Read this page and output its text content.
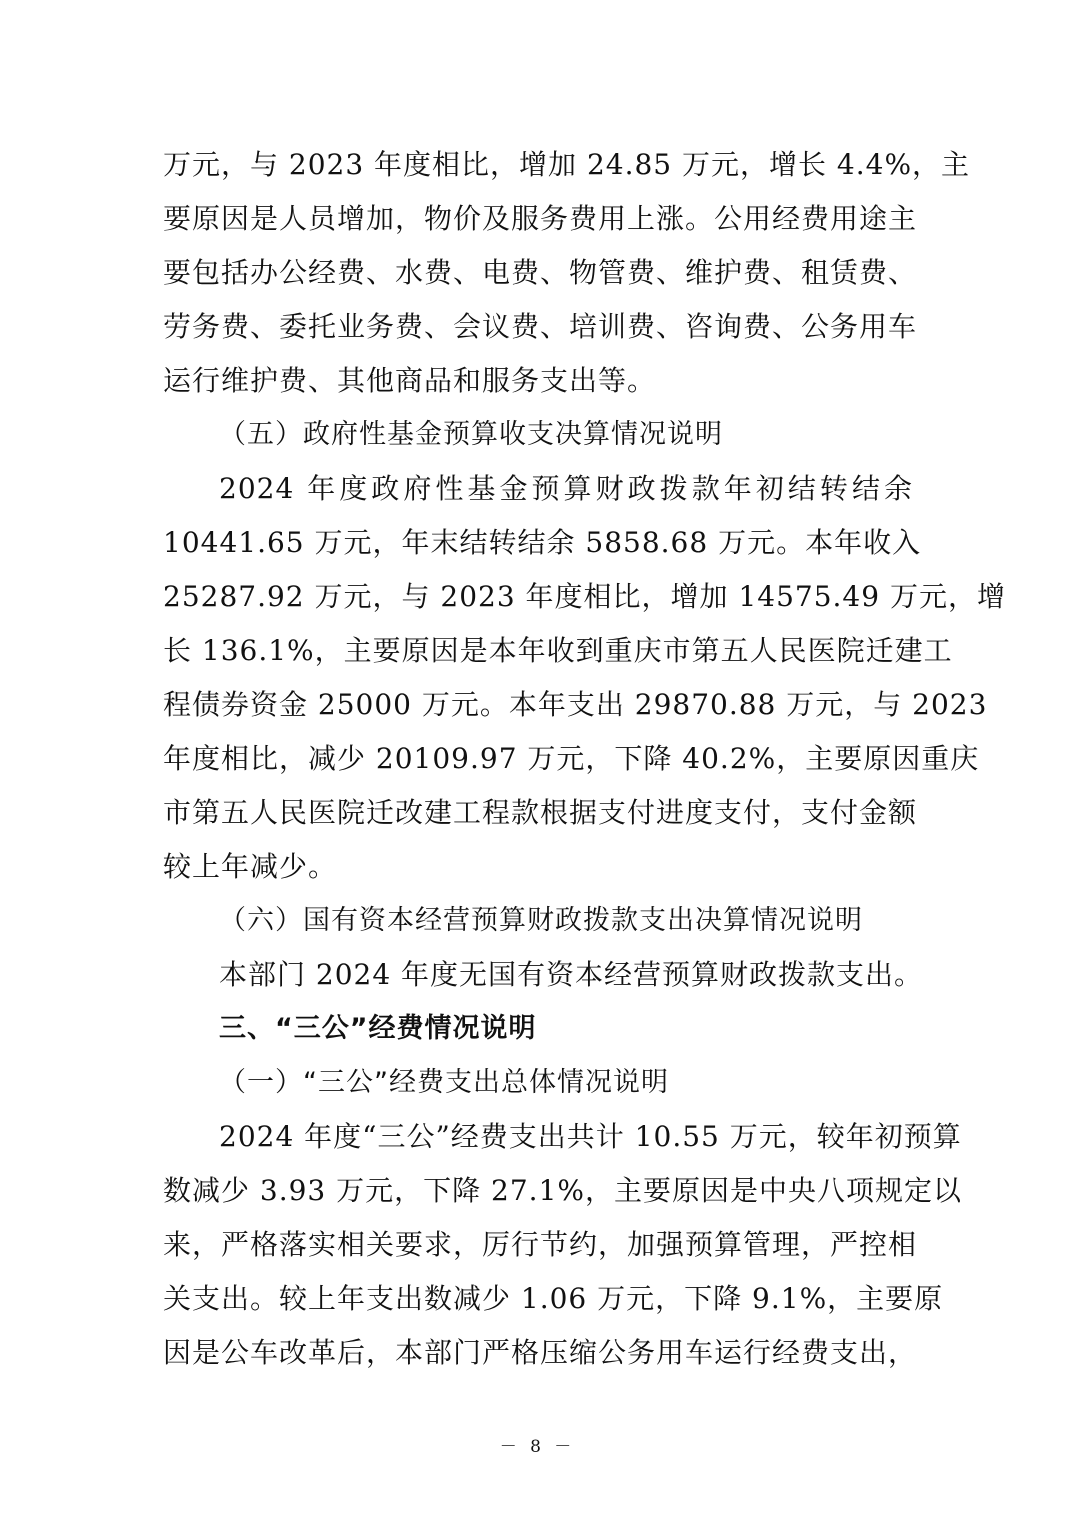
万元，与 2023 年度相比，增加 24.85 万元，增长 4.4%，主
要原因是人员增加，物价及服务费用上涨。公用经费用途主
要包括办公经费、水费、电费、物管费、维护费、租赁费、
劳务费、委托业务费、会议费、培训费、咨询费、公务用车
运行维护费、其他商品和服务支出等。
（五）政府性基金预算收支决算情况说明
2024 年度政府性基金预算财政拨款年初结转结余
10441.65 万元，年末结转结余 5858.68 万元。本年收入
25287.92 万元，与 2023 年度相比，增加 14575.49 万元，增
长 136.1%，主要原因是本年收到重庆市第五人民医院迁建工
程债券资金 25000 万元。本年支出 29870.88 万元，与 2023
年度相比，减少 20109.97 万元，下降 40.2%，主要原因重庆
市第五人民医院迁改建工程款根据支付进度支付，支付金额
较上年减少。
（六）国有资本经营预算财政拨款支出决算情况说明
本部门 2024 年度无国有资本经营预算财政拨款支出。
三、“三公”经费情况说明
（一）“三公”经费支出总体情况说明
2024 年度“三公”经费支出共计 10.55 万元，较年初预算
数减少 3.93 万元，下降 27.1%，主要原因是中央八项规定以
来，严格落实相关要求，厉行节约，加强预算管理，严控相
关支出。较上年支出数减少 1.06 万元，下降 9.1%，主要原
因是公车改革后，本部门严格压缩公务用车运行经费支出，
－ 8 －
